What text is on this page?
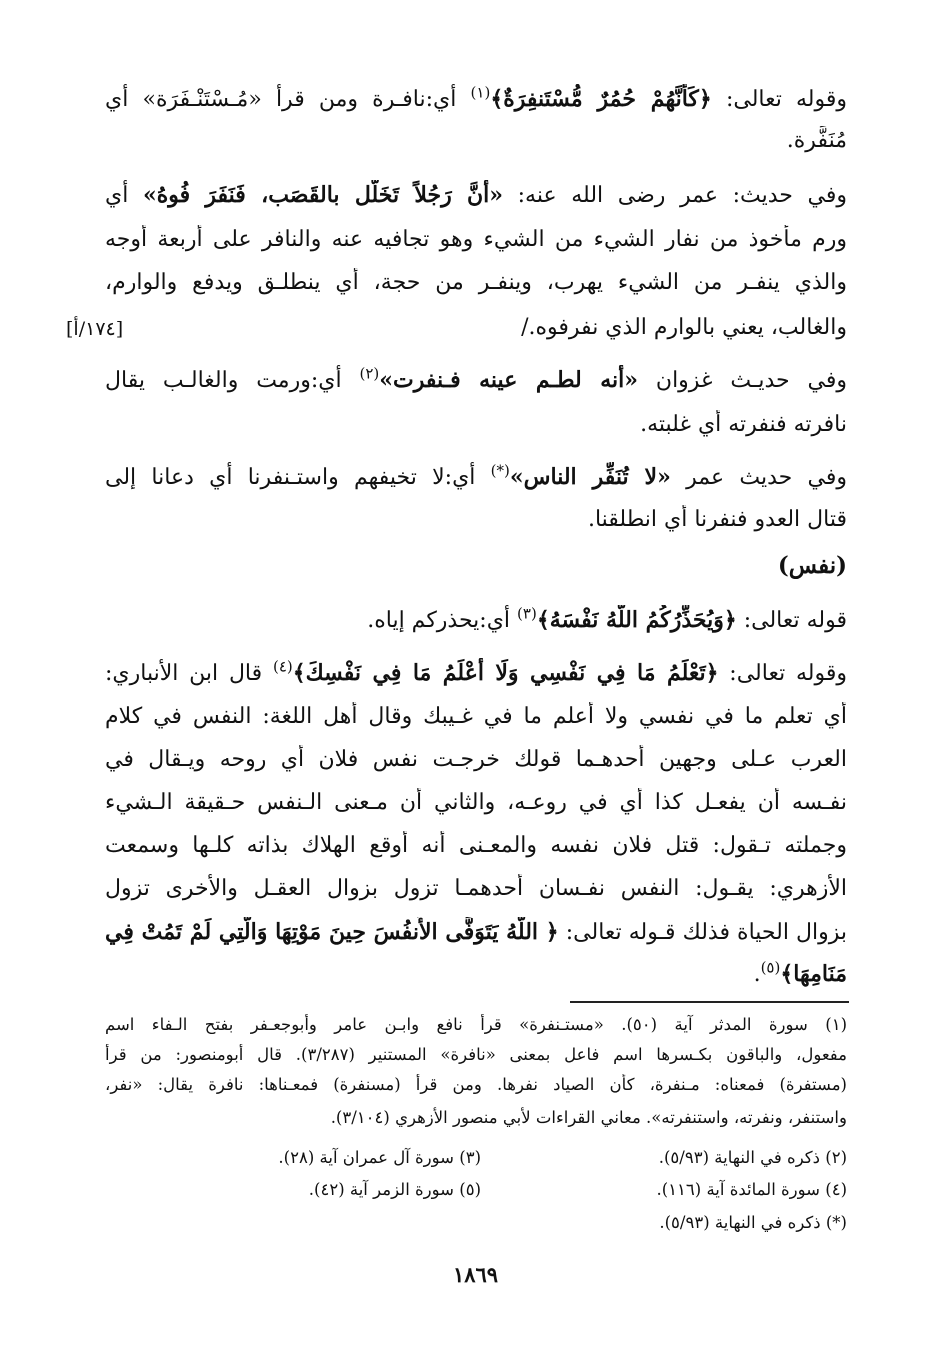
وقوله تعالى: ﴿كَأَنَّهُمْ حُمُرٌ مُّسْتَنفِرَةٌ﴾$^{(١)}$ أي:نافـرة ومن قرأ «مُـسْتَنْـفَرَة» أي
مُنَفَّرة.
وفي حديث: عمر رضى الله عنه: «أَنَّ رَجُلاً تَخَلَّل بالقَصَب، فَنَفَرَ فُوهُ» أي
ورم مأخوذ من نفار الشيء من الشيء وهو تجافيه عنه والنافر على أربعة أوجه
والذي ينفـر من الشيء يهرب، وينفـر من حجة، أي ينطلـق ويدفع والوارم،
والغالب، يعني بالوارم الذي نفرفوه./
[١٧٤/أ]
وفي حديـث غزوان «أنه لطـم عينه فـنفرت»$^{(٢)}$ أي:ورمت والغالـب يقال
نافرته فنفرته أي غلبته.
وفي حديث عمر «لا تُنَفِّر الناس»(*) أي:لا تخيفهم واستـنفرنا أي دعانا إلى
قتال العدو فنفرنا أي انطلقنا.
(نفس)
قوله تعالى: ﴿وَيُحَذِّرُكُمُ اللَّهُ نَفْسَهُ﴾$^{(٣)}$ أي:يحذركم إياه.
وقوله تعالى: ﴿تَعْلَمُ مَا فِي نَفْسِي وَلَا أَعْلَمُ مَا فِي نَفْسِكَ﴾$^{(٤)}$ قال ابن الأنباري:
أي تعلم ما في نفسي ولا أعلم ما في غـيبك وقال أهل اللغة: النفس في كلام
العرب عـلى وجهين أحدهـما قولك خرجـت نفس فلان أي روحه ويـقال في
نفـسه أن يفعـل كذا أي في روعـه، والثاني أن مـعنى الـنفس حـقيقة الـشيء
وجملته تـقول: قتل فلان نفسه والمعـنى أنه أوقع الهلاك بذاته كلـها وسمعت
الأزهري: يقـول: النفس نفـسان أحدهمـا تزول بزوال العقـل والأخرى تزول
بزوال الحياة فذلك قـوله تعالى: ﴿ اللَّهُ يَتَوَفَّى الأَنفُسَ حِينَ مَوْتِهَا وَالَّتِي لَمْ تَمُتْ فِي
مَنَامِهَا﴾$^{(٥)}$.
(١) سورة المدثر آية (٥٠). «مستـنفرة» قرأ نافع وابـن عامر وأبوجعـفر بفتح الـفاء اسم
مفعول، والباقون بكـسرها اسم فاعل بمعنى «نافرة» المستنير (٣/٢٨٧). قال أبومنصور: من قرأ
(مستفرة) فمعناه: مـنفرة، كأن الصياد نفرها. ومن قرأ (مسنفرة) فمعـناها: نافرة يقال: «نفر،
واستنفر، ونفرته، واستنفرته». معاني القراءات لأبي منصور الأزهري (٣/١٠٤).
(٢) ذكره في النهاية (٥/٩٣).
(٣) سورة آل عمران آية (٢٨).
(٤) سورة المائدة آية (١١٦).
(٥) سورة الزمر آية (٤٢).
(*) ذكره في النهاية (٥/٩٣).
١٨٦٩
